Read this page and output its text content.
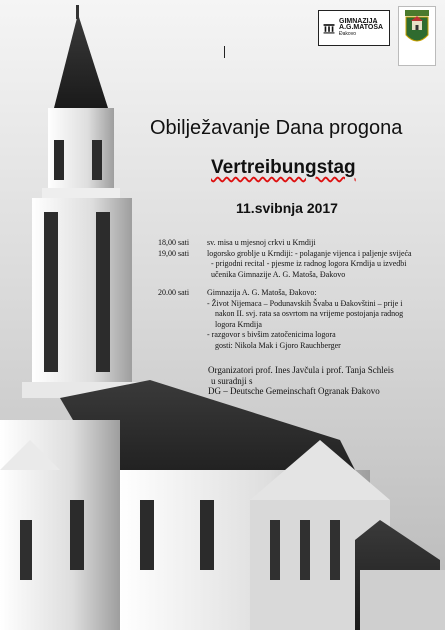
GIMNAZIJA A.G.MATOŠA
Đakovo
Obilježavanje Dana progona
Vertreibungstag
11.svibnja 2017
18,00 sati	sv. misa u mjesnoj crkvi u Krndiji
19,00 sati	logorsko groblje u Krndiji: - polaganje vijenca i paljenje svijeća
- prigodni recital - pjesme iz radnog logora Krndija u izvedbi
učenika Gimnazije A. G. Matoša, Đakovo
20.00 sati	Gimnazija A. G. Matoša, Đakovo:
- Život Nijemaca – Podunavskih Švaba u Đakovštini – prije i
nakon II. svj. rata sa osvrtom na vrijeme postojanja radnog
logora Krndija
- razgovor s bivšim zatočenicima logora
gosti: Nikola Mak i Gjoro Rauchberger
Organizatori prof. Ines Javčula i prof. Tanja Schleis
u suradnji s
DG – Deutsche Gemeinschaft Ogranak Đakovo
